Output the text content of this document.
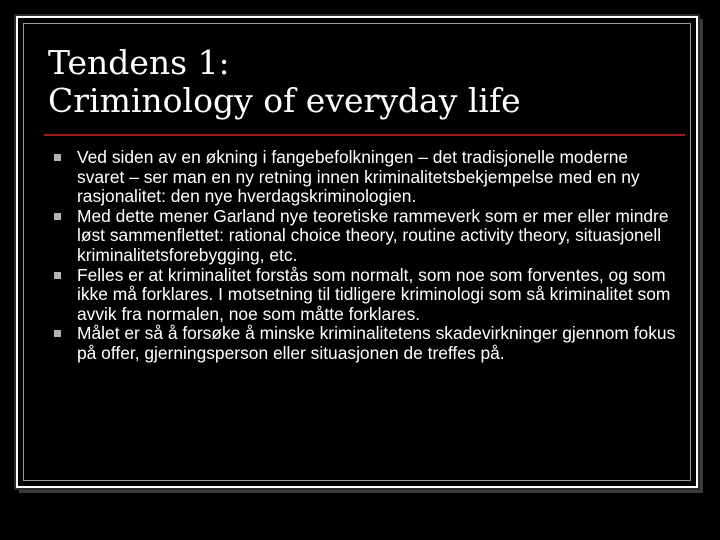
Tendens 1:
Criminology of everyday life
Ved siden av en økning i fangebefolkningen – det tradisjonelle moderne svaret – ser man en ny retning innen kriminalitetsbekjempelse med en ny rasjonalitet: den nye hverdagskriminologien.
Med dette mener Garland nye teoretiske rammeverk som er mer eller mindre løst sammenflettet: rational choice theory, routine activity theory, situasjonell kriminalitetsforebygging, etc.
Felles er at kriminalitet forstås som normalt, som noe som forventes, og som ikke må forklares. I motsetning til tidligere kriminologi som så kriminalitet som avvik fra normalen, noe som måtte forklares.
Målet er så å forsøke å minske kriminalitetens skadevirkninger gjennom fokus på offer, gjerningsperson eller situasjonen de treffes på.
